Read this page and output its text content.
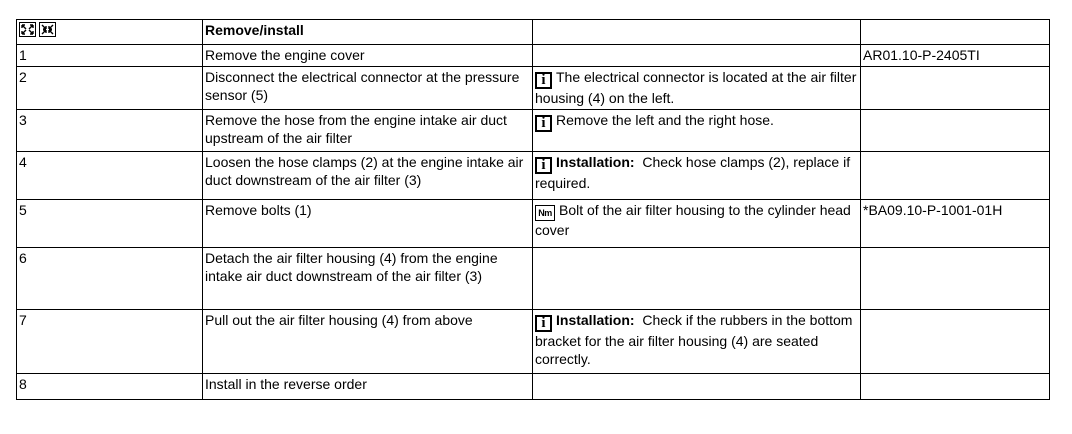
	Remove/install		
1	Remove the engine cover		AR01.10-P-2405TI
2	Disconnect the electrical connector at the pressure sensor (5)	i The electrical connector is located at the air filter housing (4) on the left.	
3	Remove the hose from the engine intake air duct upstream of the air filter	i Remove the left and the right hose.	
4	Loosen the hose clamps (2) at the engine intake air duct downstream of the air filter (3)	i Installation: Check hose clamps (2), replace if required.	
5	Remove bolts (1)	Nm Bolt of the air filter housing to the cylinder head cover	*BA09.10-P-1001-01H
6	Detach the air filter housing (4) from the engine intake air duct downstream of the air filter (3)		
7	Pull out the air filter housing (4) from above	i Installation: Check if the rubbers in the bottom bracket for the air filter housing (4) are seated correctly.	
8	Install in the reverse order		
